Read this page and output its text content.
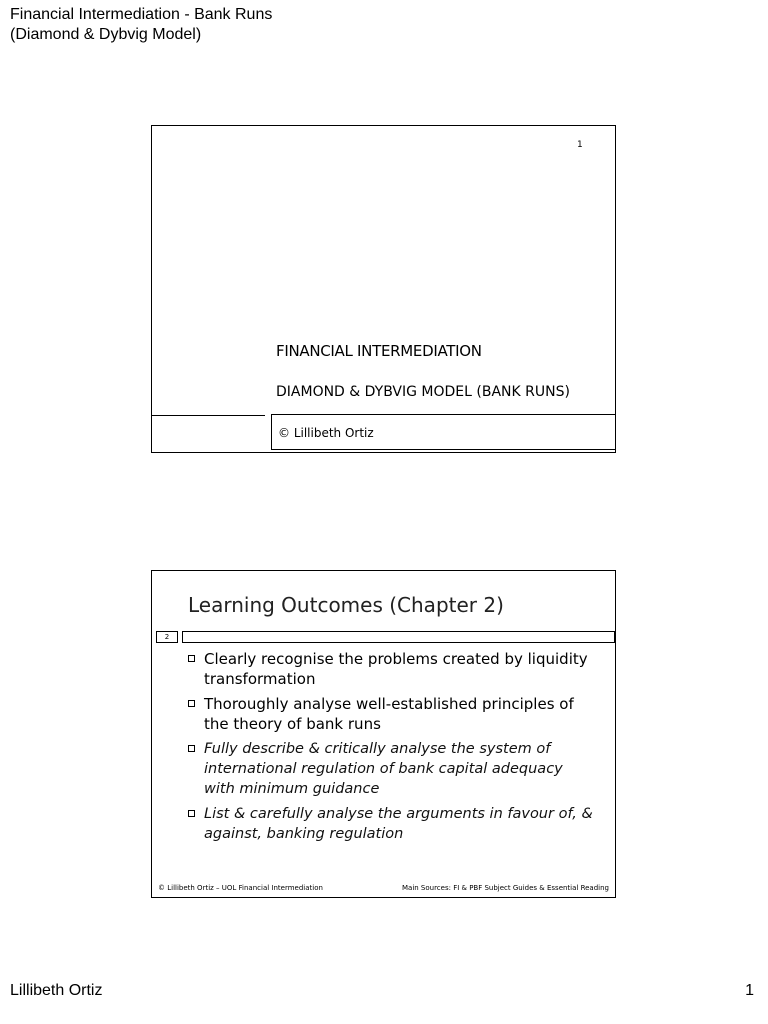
Financial Intermediation - Bank Runs
(Diamond & Dybvig Model)
1
FINANCIAL INTERMEDIATION
DIAMOND & DYBVIG MODEL (BANK RUNS)
© Lillibeth Ortiz
Learning Outcomes (Chapter 2)
2
Clearly recognise the problems created by liquidity transformation
Thoroughly analyse well-established principles of the theory of bank runs
Fully describe & critically analyse the system of international regulation of bank capital adequacy with minimum guidance
List & carefully analyse the arguments in favour of, & against, banking regulation
© Lillibeth Ortiz – UOL Financial Intermediation	Main Sources: FI & PBF Subject Guides & Essential Reading
Lillibeth Ortiz	1
